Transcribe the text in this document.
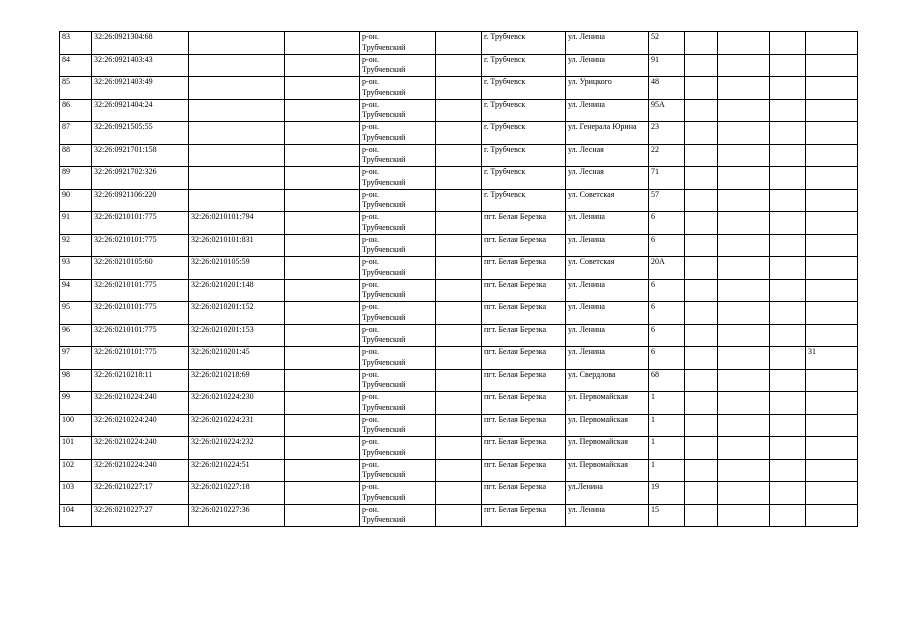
83	32:26:0921304:68			р-он.
Трубчевский		г. Трубчевск	ул. Ленина	52				
84	32:26:0921403:43			р-он.
Трубчевский		г. Трубчевск	ул. Ленина	91				
85	32:26:0921403:49			р-он.
Трубчевский		г. Трубчевск	ул. Урицкого	48				
86	32:26:0921404:24			р-он.
Трубчевский		г. Трубчевск	ул. Ленина	95А				
87	32:26:0921505:55			р-он.
Трубчевский		г. Трубчевск	ул. Генерала Юрина	23				
88	32:26:0921701:158			р-он.
Трубчевский		г. Трубчевск	ул. Лесная	22				
89	32:26:0921702:326			р-он.
Трубчевский		г. Трубчевск	ул. Лесная	71				
90	32:26:0921106:220			р-он.
Трубчевский		г. Трубчевск	ул. Советская	57				
91	32:26:0210101:775	32:26:0210101:794		р-он.
Трубчевский		пгт. Белая Березка	ул. Ленина	6				
92	32:26:0210101:775	32:26:0210101:831		р-он.
Трубчевский		пгт. Белая Березка	ул. Ленина	6				
93	32:26:0210105:60	32:26:0210105:59		р-он.
Трубчевский		пгт. Белая Березка	ул. Советская	20А				
94	32:26:0210101:775	32:26:0210201:148		р-он.
Трубчевский		пгт. Белая Березка	ул. Ленина	6				
95	32:26:0210101:775	32:26:0210201:152		р-он.
Трубчевский		пгт. Белая Березка	ул. Ленина	6				
96	32:26:0210101:775	32:26:0210201:153		р-он.
Трубчевский		пгт. Белая Березка	ул. Ленина	6				
97	32:26:0210101:775	32:26:0210201:45		р-он.
Трубчевский		пгт. Белая Березка	ул. Ленина	6				31
98	32:26:0210218:11	32:26:0210218:69		р-он.
Трубчевский		пгт. Белая Березка	ул. Свердлова	68				
99	32:26:0210224:240	32:26:0210224:230		р-он.
Трубчевский		пгт. Белая Березка	ул. Первомайская	1				
100	32:26:0210224:240	32:26:0210224:231		р-он.
Трубчевский		пгт. Белая Березка	ул. Первомайская	1				
101	32:26:0210224:240	32:26:0210224:232		р-он.
Трубчевский		пгт. Белая Березка	ул. Первомайская	1				
102	32:26:0210224:240	32:26:0210224:51		р-он.
Трубчевский		пгт. Белая Березка	ул. Первомайская	1				
103	32:26:0210227:17	32:26:0210227:18		р-он.
Трубчевский		пгт. Белая Березка	ул.Ленина	19				
104	32:26:0210227:27	32:26:0210227:36		р-он.
Трубчевский		пгт. Белая Березка	ул. Ленина	15				
